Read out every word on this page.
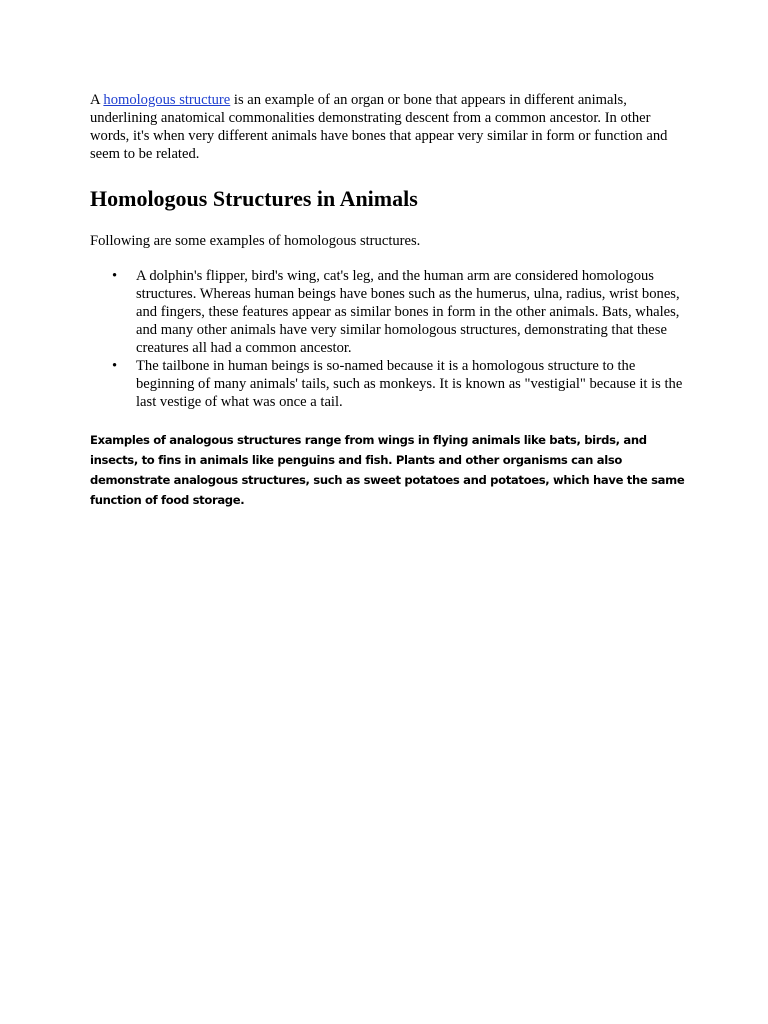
A homologous structure is an example of an organ or bone that appears in different animals, underlining anatomical commonalities demonstrating descent from a common ancestor. In other words, it's when very different animals have bones that appear very similar in form or function and seem to be related.

Homologous Structures in Animals

Following are some examples of homologous structures.

• A dolphin's flipper, bird's wing, cat's leg, and the human arm are considered homologous structures. Whereas human beings have bones such as the humerus, ulna, radius, wrist bones, and fingers, these features appear as similar bones in form in the other animals. Bats, whales, and many other animals have very similar homologous structures, demonstrating that these creatures all had a common ancestor.
• The tailbone in human beings is so-named because it is a homologous structure to the beginning of many animals' tails, such as monkeys. It is known as "vestigial" because it is the last vestige of what was once a tail.

Examples of analogous structures range from wings in flying animals like bats, birds, and insects, to fins in animals like penguins and fish. Plants and other organisms can also demonstrate analogous structures, such as sweet potatoes and potatoes, which have the same function of food storage.
